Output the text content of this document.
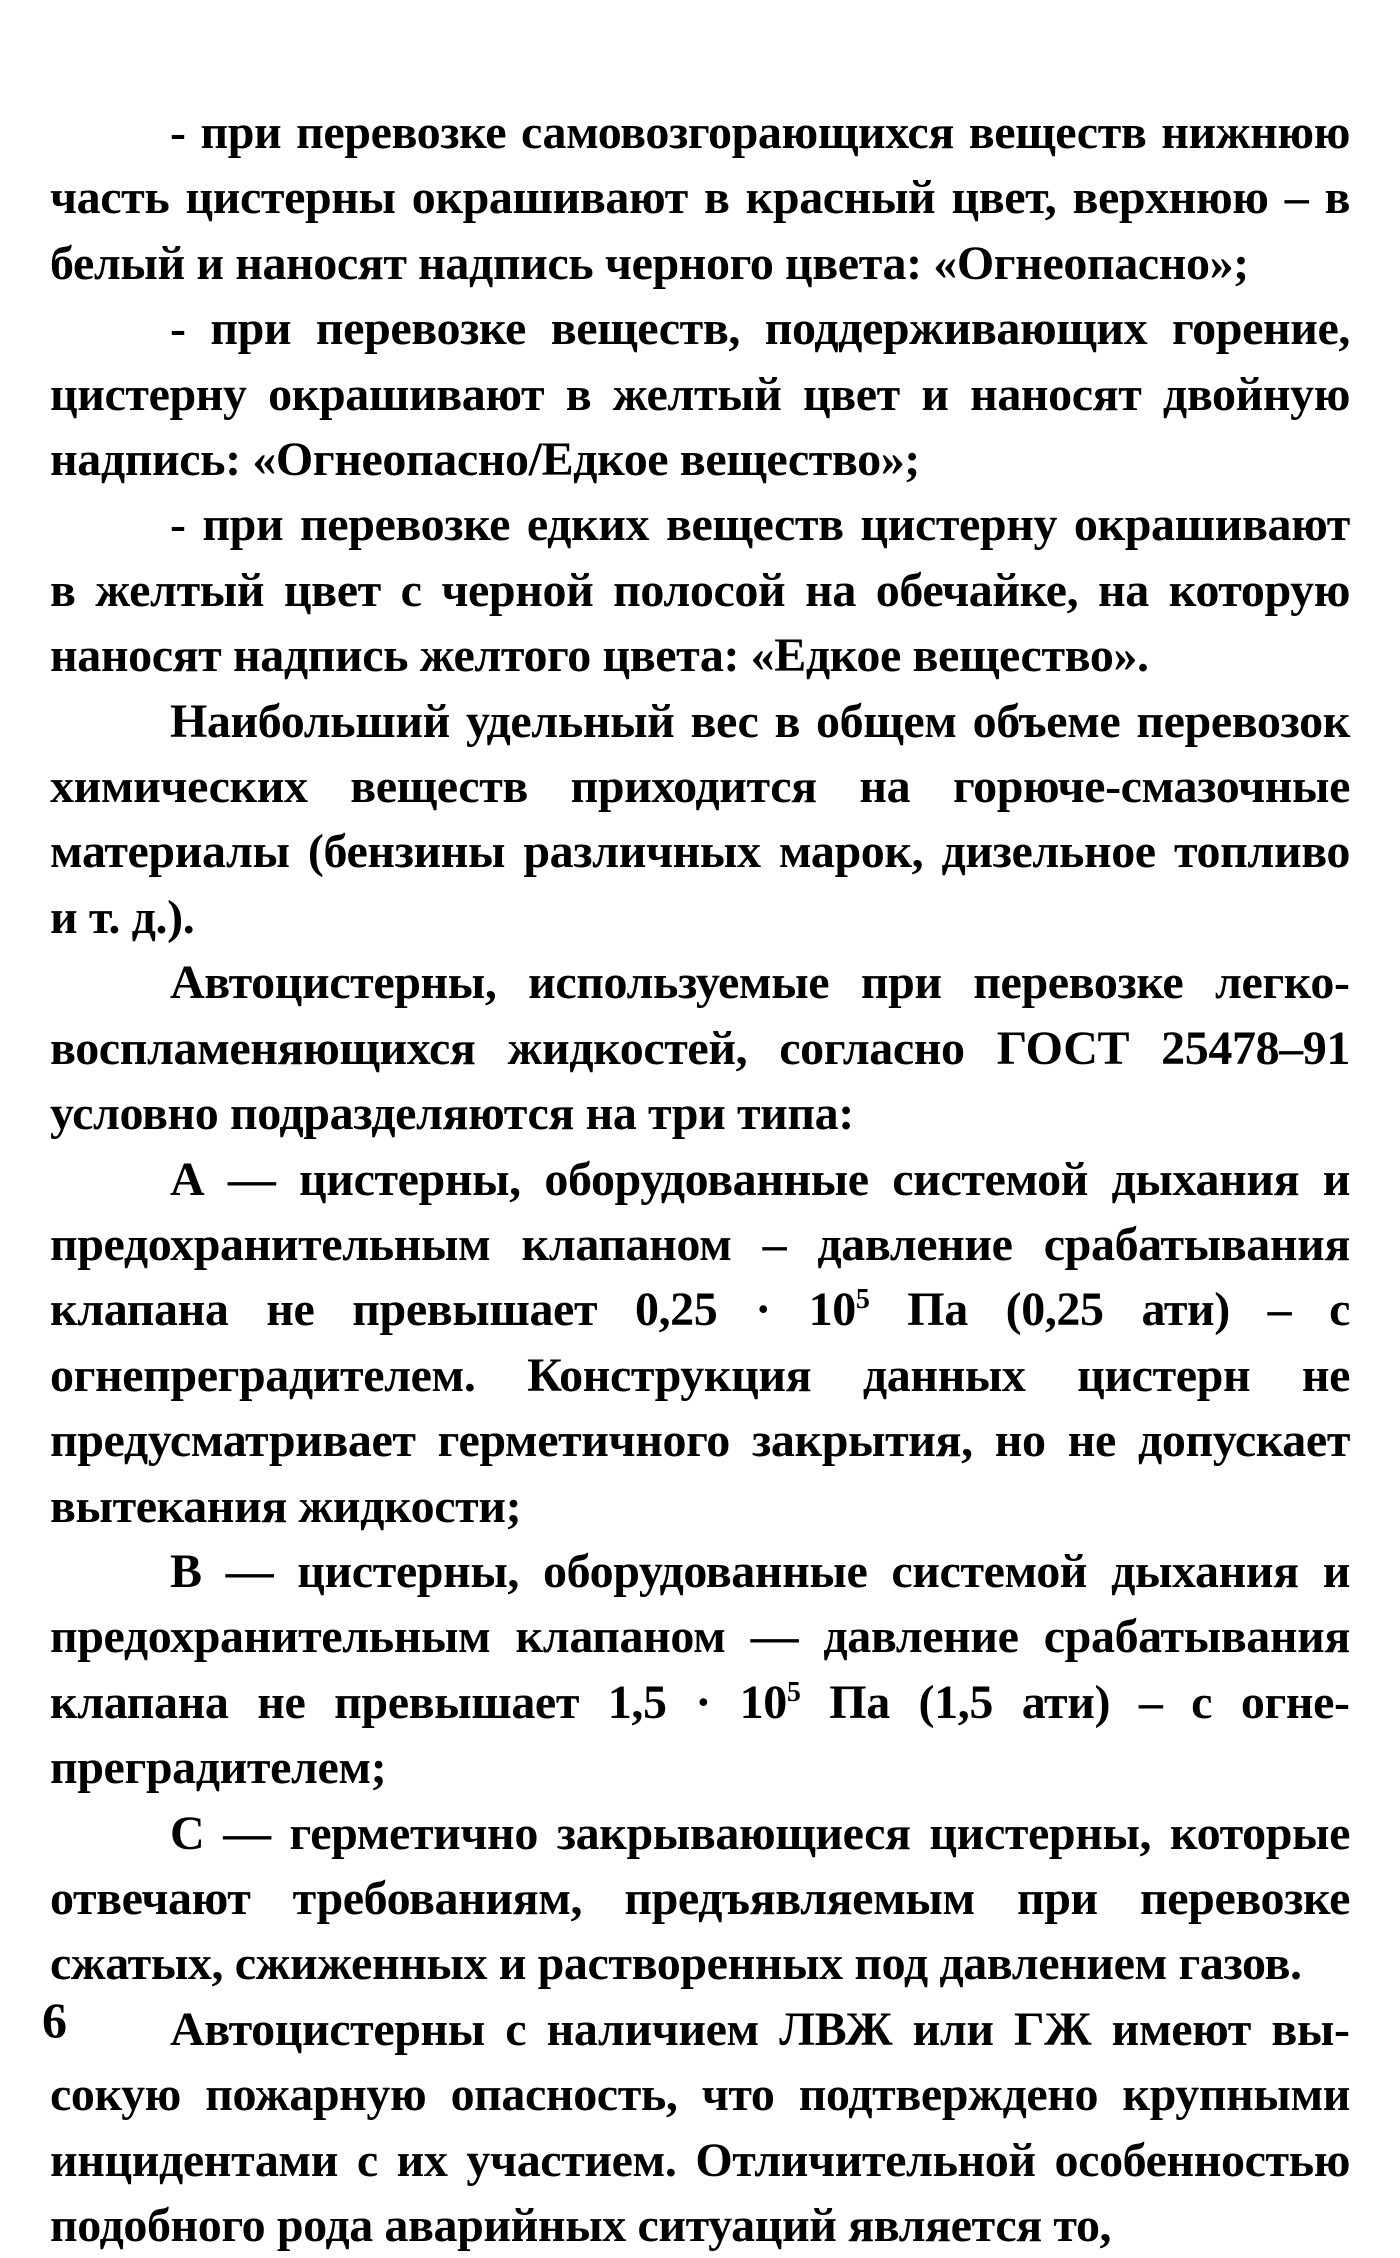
- при перевозке самовозгорающихся веществ нижнюю часть цистерны окрашивают в красный цвет, верхнюю – в белый и наносят надпись черного цвета: «Огнеопасно»;

- при перевозке веществ, поддерживающих горение, цистерну окрашивают в желтый цвет и наносят двойную надпись: «Огнеопасно/Едкое вещество»;

- при перевозке едких веществ цистерну окрашивают в желтый цвет с черной полосой на обечайке, на которую наносят надпись желтого цвета: «Едкое вещество».

Наибольший удельный вес в общем объеме перевозок химических веществ приходится на горюче-смазочные материалы (бензины различных марок, дизельное топливо и т. д.).

Автоцистерны, используемые при перевозке легковоспламеняющихся жидкостей, согласно ГОСТ 25478–91 условно подразделяются на три типа:

А — цистерны, оборудованные системой дыхания и предохранительным клапаном – давление срабатывания клапана не превышает $0,25 \cdot 10^5$ Па (0,25 ати) – с огнепреградителем. Конструкция данных цистерн не предусматривает герметичного закрытия, но не допускает вытекания жидкости;

В — цистерны, оборудованные системой дыхания и предохранительным клапаном — давление срабатывания клапана не превышает $1,5 \cdot 10^5$ Па (1,5 ати) – с огнепреградителем;

С — герметично закрывающиеся цистерны, которые отвечают требованиям, предъявляемым при перевозке сжатых, сжиженных и растворенных под давлением газов.

Автоцистерны с наличием ЛВЖ или ГЖ имеют высокую пожарную опасность, что подтверждено крупными инцидентами с их участием. Отличительной особенностью подобного рода аварийных ситуаций является то,

6
